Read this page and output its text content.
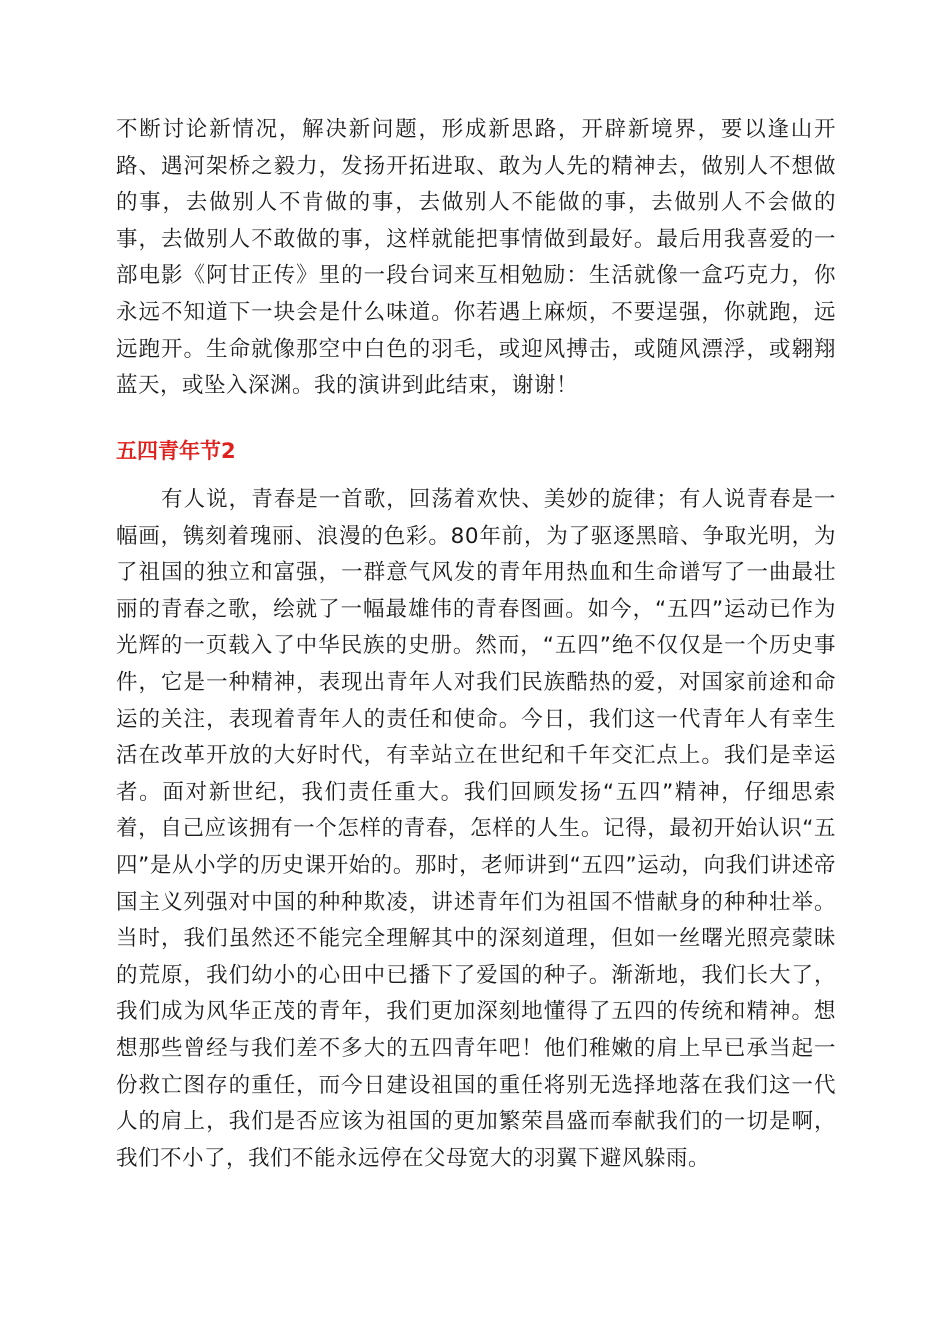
不断讨论新情况，解决新问题，形成新思路，开辟新境界，要以逢山开路、遇河架桥之毅力，发扬开拓进取、敢为人先的精神去，做别人不想做的事，去做别人不肯做的事，去做别人不能做的事，去做别人不会做的事，去做别人不敢做的事，这样就能把事情做到最好。最后用我喜爱的一部电影《阿甘正传》里的一段台词来互相勉励：生活就像一盒巧克力，你永远不知道下一块会是什么味道。你若遇上麻烦，不要逞强，你就跑，远远跑开。生命就像那空中白色的羽毛，或迎风搏击，或随风漂浮，或翱翔蓝天，或坠入深渊。我的演讲到此结束，谢谢！

五四青年节2

有人说，青春是一首歌，回荡着欢快、美妙的旋律；有人说青春是一幅画，镌刻着瑰丽、浪漫的色彩。80年前，为了驱逐黑暗、争取光明，为了祖国的独立和富强，一群意气风发的青年用热血和生命谱写了一曲最壮丽的青春之歌，绘就了一幅最雄伟的青春图画。如今，“五四”运动已作为光辉的一页载入了中华民族的史册。然而，“五四”绝不仅仅是一个历史事件，它是一种精神，表现出青年人对我们民族酷热的爱，对国家前途和命运的关注，表现着青年人的责任和使命。今日，我们这一代青年人有幸生活在改革开放的大好时代，有幸站立在世纪和千年交汇点上。我们是幸运者。面对新世纪，我们责任重大。我们回顾发扬“五四”精神，仔细思索着，自己应该拥有一个怎样的青春，怎样的人生。记得，最初开始认识“五四”是从小学的历史课开始的。那时，老师讲到“五四”运动，向我们讲述帝国主义列强对中国的种种欺凌，讲述青年们为祖国不惜献身的种种壮举。当时，我们虽然还不能完全理解其中的深刻道理，但如一丝曙光照亮蒙昧的荒原，我们幼小的心田中已播下了爱国的种子。渐渐地，我们长大了，我们成为风华正茂的青年，我们更加深刻地懂得了五四的传统和精神。想想那些曾经与我们差不多大的五四青年吧！他们稚嫩的肩上早已承当起一份救亡图存的重任，而今日建设祖国的重任将别无选择地落在我们这一代人的肩上，我们是否应该为祖国的更加繁荣昌盛而奉献我们的一切是啊，我们不小了，我们不能永远停在父母宽大的羽翼下避风躲雨。
